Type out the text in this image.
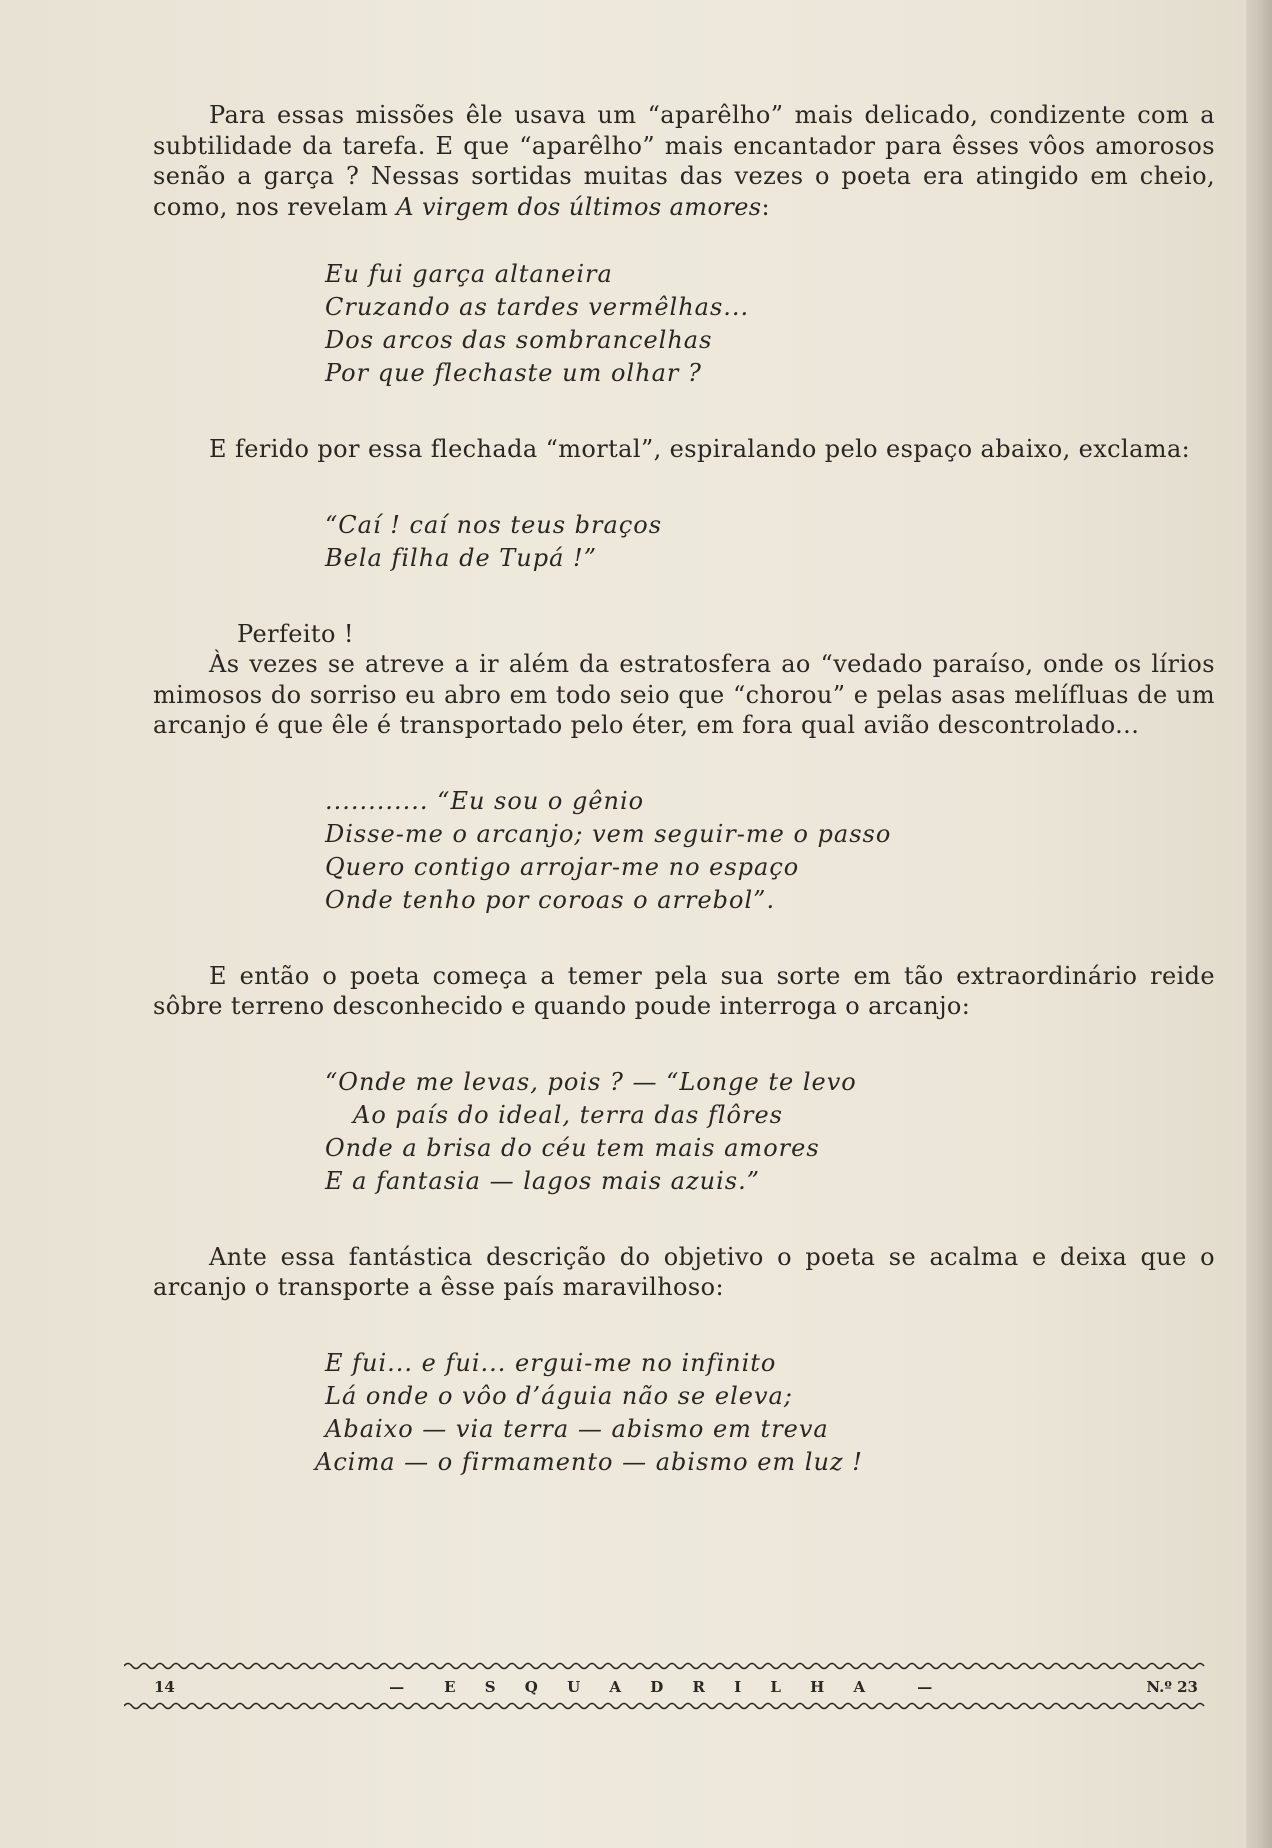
Para essas missões êle usava um “aparêlho” mais delicado, condizente com a subtilidade da tarefa. E que “aparêlho” mais encantador para êsses vôos amorosos senão a garça ? Nessas sortidas muitas das vezes o poeta era atingido em cheio, como, nos revelam A virgem dos últimos amores:

Eu fui garça altaneira
Cruzando as tardes vermêlhas...
Dos arcos das sombrancelhas
Por que flechaste um olhar ?

E ferido por essa flechada “mortal”, espiralando pelo espaço abaixo, exclama:

“Caí ! caí nos teus braços
Bela filha de Tupá !”

Perfeito !

Às vezes se atreve a ir além da estratosfera ao “vedado paraíso, onde os lírios mimosos do sorriso eu abro em todo seio que “chorou” e pelas asas melífluas de um arcanjo é que êle é transportado pelo éter, em fora qual avião descontrolado...

............ “Eu sou o gênio
Disse-me o arcanjo; vem seguir-me o passo
Quero contigo arrojar-me no espaço
Onde tenho por coroas o arrebol”.

E então o poeta começa a temer pela sua sorte em tão extraordinário reide sôbre terreno desconhecido e quando poude interroga o arcanjo:

“Onde me levas, pois ? — “Longe te levo
Ao país do ideal, terra das flôres
Onde a brisa do céu tem mais amores
E a fantasia — lagos mais azuis.”

Ante essa fantástica descrição do objetivo o poeta se acalma e deixa que o arcanjo o transporte a êsse país maravilhoso:

E fui... e fui... ergui-me no infinito
Lá onde o vôo d’águia não se eleva;
Abaixo — via terra — abismo em treva
Acima — o firmamento — abismo em luz !
14	—	E S Q U A D R I L H A	—	N.º 23
